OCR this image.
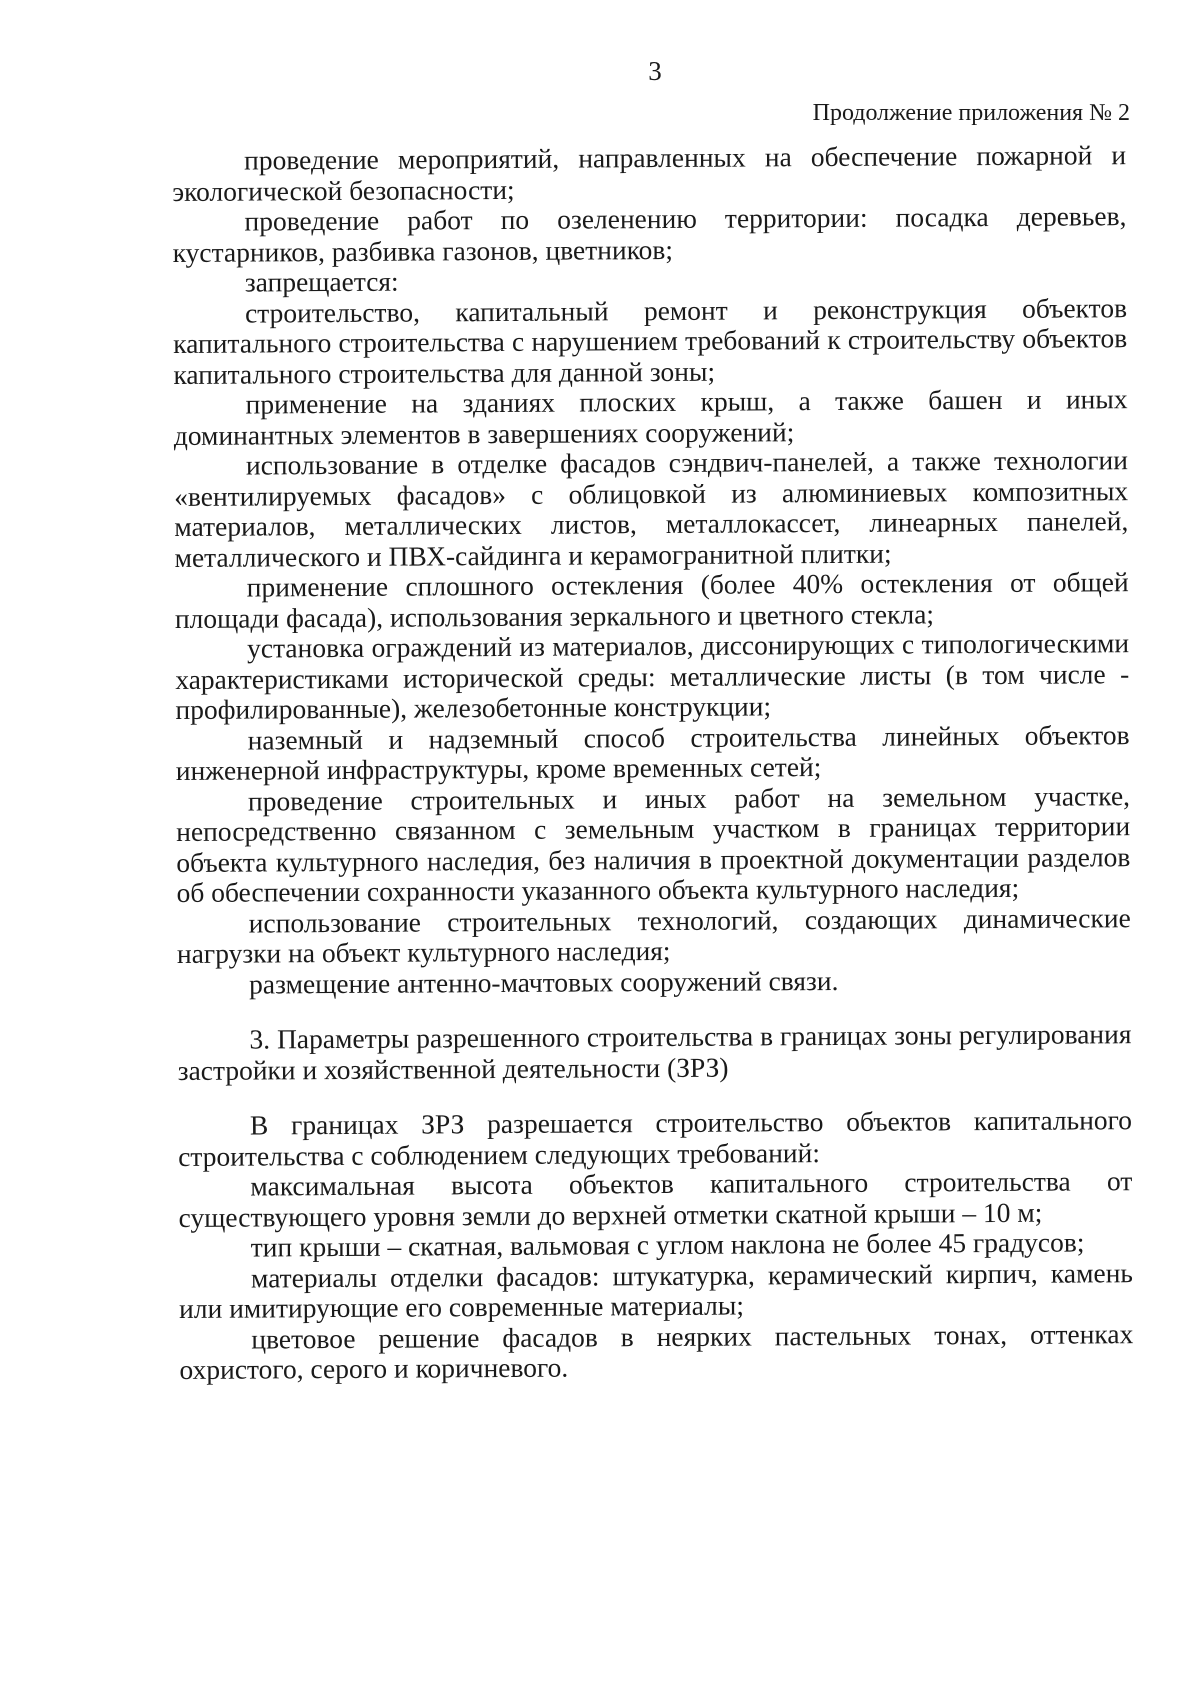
3
Продолжение приложения № 2

проведение мероприятий, направленных на обеспечение пожарной и экологической безопасности;

проведение работ по озеленению территории: посадка деревьев, кустарников, разбивка газонов, цветников;

запрещается:

строительство, капитальный ремонт и реконструкция объектов капитального строительства с нарушением требований к строительству объектов капитального строительства для данной зоны;

применение на зданиях плоских крыш, а также башен и иных доминантных элементов в завершениях сооружений;

использование в отделке фасадов сэндвич-панелей, а также технологии «вентилируемых фасадов» с облицовкой из алюминиевых композитных материалов, металлических листов, металлокассет, линеарных панелей, металлического и ПВХ-сайдинга и керамогранитной плитки;

применение сплошного остекления (более 40% остекления от общей площади фасада), использования зеркального и цветного стекла;

установка ограждений из материалов, диссонирующих с типологическими характеристиками исторической среды: металлические листы (в том числе - профилированные), железобетонные конструкции;

наземный и надземный способ строительства линейных объектов инженерной инфраструктуры, кроме временных сетей;

проведение строительных и иных работ на земельном участке, непосредственно связанном с земельным участком в границах территории объекта культурного наследия, без наличия в проектной документации разделов об обеспечении сохранности указанного объекта культурного наследия;

использование строительных технологий, создающих динамические нагрузки на объект культурного наследия;

размещение антенно-мачтовых сооружений связи.

3. Параметры разрешенного строительства в границах зоны регулирования застройки и хозяйственной деятельности (ЗРЗ)

В границах ЗРЗ разрешается строительство объектов капитального строительства с соблюдением следующих требований:

максимальная высота объектов капитального строительства от существующего уровня земли до верхней отметки скатной крыши – 10 м;

тип крыши – скатная, вальмовая с углом наклона не более 45 градусов;

материалы отделки фасадов: штукатурка, керамический кирпич, камень или имитирующие его современные материалы;

цветовое решение фасадов в неярких пастельных тонах, оттенках охристого, серого и коричневого.
